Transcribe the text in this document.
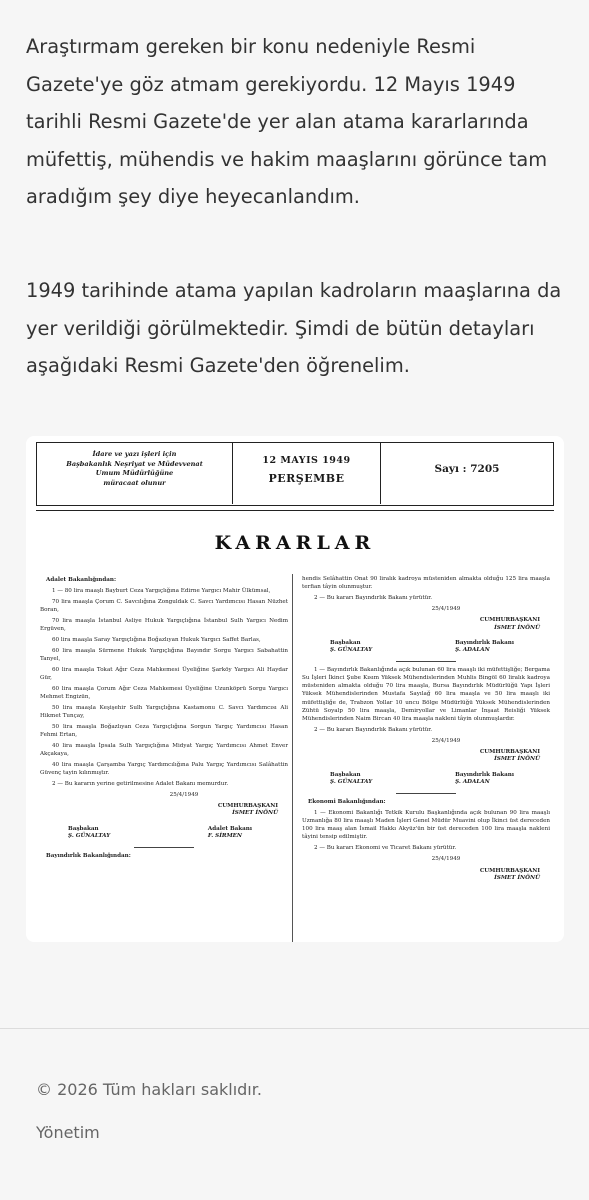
Araştırmam gereken bir konu nedeniyle Resmi Gazete'ye göz atmam gerekiyordu. 12 Mayıs 1949 tarihli Resmi Gazete'de yer alan atama kararlarında müfettiş, mühendis ve hakim maaşlarını görünce tam aradığım şey diye heyecanlandım.

1949 tarihinde atama yapılan kadroların maaşlarına da yer verildiği görülmektedir. Şimdi de bütün detayları aşağıdaki Resmi Gazete'den öğrenelim.

İdare ve yazı işleri için
Başbakanlık Neşriyat ve Müdevvenat
Umum Müdürlüğüne
müracaat olunur
12 MAYIS 1949
PERŞEMBE
Sayı : 7205
KARARLAR
Adalet Bakanlığından:
1 — 80 lira maaşlı Bayburt Ceza Yargıçlığına Edirne Yargıcı Mahir Ülkümsal,
70 lira maaşla Çorum C. Savcılığına Zonguldak C. Savcı Yardımcısı Hasan Nüzhet Boran,
70 lira maaşla İstanbul Asliye Hukuk Yargıçlığına İstanbul Sulh Yargıcı Nedim Ergüven,
60 lira maaşla Saray Yargıçlığına Boğazlıyan Hukuk Yargıcı Saffet Barlas,
60 lira maaşla Sürmene Hukuk Yargıçlığına Bayındır Sorgu Yargıcı Sabahattin Tanyel,
60 lira maaşla Tokat Ağır Ceza Mahkemesi Üyeliğine Şarköy Yargıcı Ali Haydar Gür,
60 lira maaşla Çorum Ağır Ceza Mahkemesi Üyeliğine Uzunköprü Sorgu Yargıcı Mehmet Engizün,
50 lira maaşla Keşişehir Sulh Yargıçlığına Kastamonu C. Savcı Yardımcısı Ali Hikmet Tunçay,
50 lira maaşla Boğazlıyan Ceza Yargıçlığına Sorgun Yargıç Yardımcısı Hasan Fehmi Ertan,
40 lira maaşla İpsala Sulh Yargıçlığına Midyat Yargıç Yardımcısı Ahmet Enver Akçakaya,
40 lira maaşla Çarşamba Yargıç Yardımcılığına Palu Yargıç Yardımcısı Salâhattin Güvenç tayin kılınmıştır.
2 — Bu kararın yerine getirilmesine Adalet Bakanı memurdur.
25/4/1949
CUMHURBAŞKANI
İSMET İNÖNÜ
Başbakan
Ş. GÜNALTAY
Adalet Bakanı
F. SİRMEN
Bayındırlık Bakanlığından:
hendis Selâhattin Onat 90 liralık kadroya müsteniden almakta olduğu 125 lira maaşla terfian tâyin olunmuştur.
2 — Bu kararı Bayındırlık Bakanı yürütür.
25/4/1949
CUMHURBAŞKANI
İSMET İNÖNÜ
Başbakan
Ş. GÜNALTAY
Bayındırlık Bakanı
Ş. ADALAN
1 — Bayındırlık Bakanlığında açık bulunan 60 lira maaşlı iki müfettişliğe; Bergama Su İşleri İkinci Şube Kısım Yüksek Mühendislerinden Muhlis Bingöl 60 liralık kadroya müsteniden almakta olduğu 70 lira maaşla, Bursa Bayındırlık Müdürlüğü Yapı İşleri Yüksek Mühendislerinden Mustafa Sayılağ 60 lira maaşla ve 50 lira maaşlı iki müfettişliğe de, Trabzon Yollar 10 uncu Bölge Müdürlüğü Yüksek Mühendislerinden Zühtü Soyalp 50 lira maaşla, Demiryollar ve Limanlar İnşaat Reisliği Yüksek Mühendislerinden Naim Bircan 40 lira maaşla nakleni tâyin olunmuşlardır.
2 — Bu kararı Bayındırlık Bakanı yürütür.
25/4/1949
CUMHURBAŞKANI
İSMET İNÖNÜ
Başbakan
Ş. GÜNALTAY
Bayındırlık Bakanı
Ş. ADALAN
Ekonomi Bakanlığından:
1 — Ekonomi Bakanlığı Tetkik Kurulu Başkanlığında açık bulunan 90 lira maaşlı Uzmanlığa 80 lira maaşlı Maden İşleri Genel Müdür Muavini olup İkinci üst dereceden 100 lira maaş alan İsmail Hakkı Akyüz'ün bir üst dereceden 100 lira maaşla nakleni tâyini tensip edilmiştir.
2 — Bu kararı Ekonomi ve Ticaret Bakanı yürütür.
25/4/1949
CUMHURBAŞKANI
İSMET İNÖNÜ

© 2026 Tüm hakları saklıdır.

Yönetim
